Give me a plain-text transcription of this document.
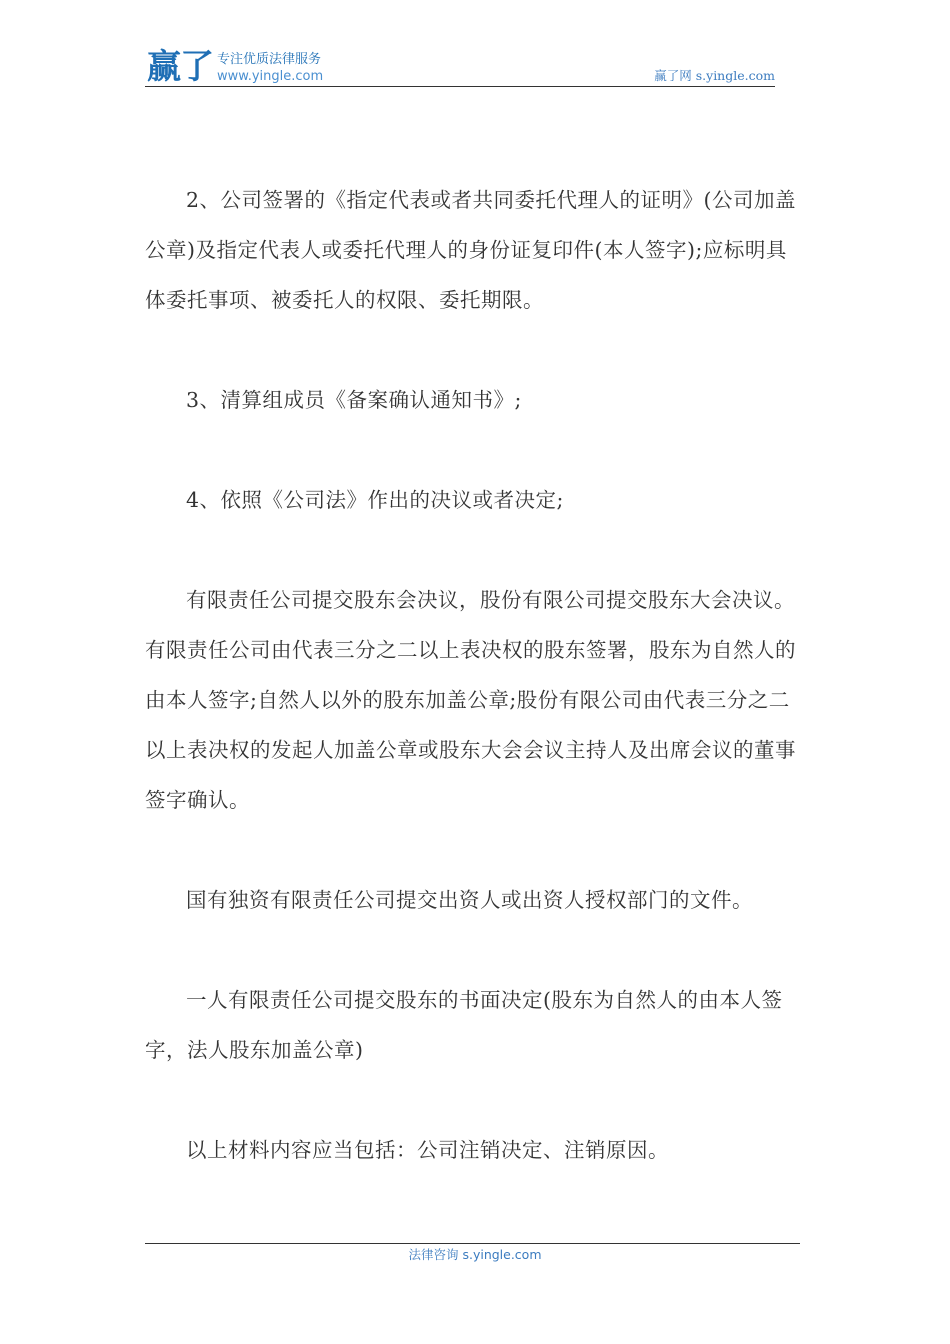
赢了 专注优质法律服务
www.yingle.com	赢了网 s.yingle.com

2、公司签署的《指定代表或者共同委托代理人的证明》(公司加盖公章)及指定代表人或委托代理人的身份证复印件(本人签字);应标明具体委托事项、被委托人的权限、委托期限。

3、清算组成员《备案确认通知书》;

4、依照《公司法》作出的决议或者决定;

有限责任公司提交股东会决议，股份有限公司提交股东大会决议。有限责任公司由代表三分之二以上表决权的股东签署，股东为自然人的由本人签字;自然人以外的股东加盖公章;股份有限公司由代表三分之二以上表决权的发起人加盖公章或股东大会会议主持人及出席会议的董事签字确认。

国有独资有限责任公司提交出资人或出资人授权部门的文件。

一人有限责任公司提交股东的书面决定(股东为自然人的由本人签字，法人股东加盖公章)

以上材料内容应当包括：公司注销决定、注销原因。

法律咨询 s.yingle.com
